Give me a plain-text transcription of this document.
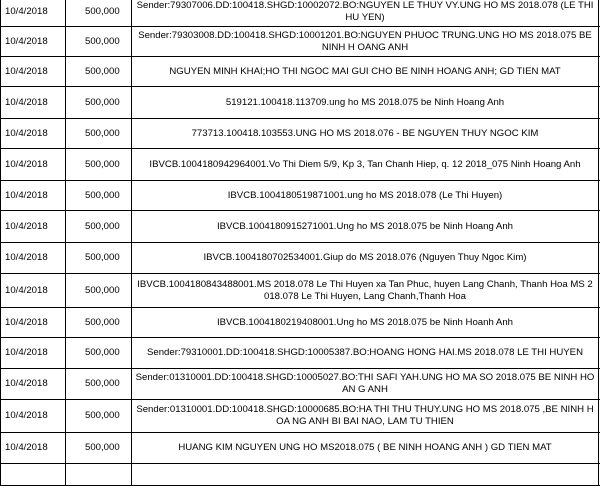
10/4/2018	500,000	Sender:79307006.DD:100418.SHGD:10002072.BO:NGUYEN LE THUY VY.UNG HO MS 2018.078 (LE THI HU YEN)	
10/4/2018	500,000	Sender:79303008.DD:100418.SHGD:10001201.BO:NGUYEN PHUOC TRUNG.UNG HO MS 2018.075 BE NINH H OANG ANH	
10/4/2018	500,000	NGUYEN MINH KHAI;HO THI NGOC MAI GUI CHO BE NINH HOANG ANH; GD TIEN MAT	
10/4/2018	500,000	519121.100418.113709.ung ho MS 2018.075 be Ninh Hoang Anh	
10/4/2018	500,000	773713.100418.103553.UNG HO MS 2018.076 - BE NGUYEN THUY NGOC KIM	
10/4/2018	500,000	IBVCB.1004180942964001.Vo Thi Diem 5/9, Kp 3, Tan Chanh Hiep, q. 12 2018_075 Ninh Hoang Anh	
10/4/2018	500,000	IBVCB.1004180519871001.ung ho MS 2018.078 (Le Thi Huyen)	
10/4/2018	500,000	IBVCB.1004180915271001.Ung ho MS 2018.075 be Ninh Hoang Anh	
10/4/2018	500,000	IBVCB.1004180702534001.Giup do MS 2018.076 (Nguyen Thuy Ngoc Kim)	
10/4/2018	500,000	IBVCB.1004180843488001.MS 2018.078 Le Thi Huyen xa Tan Phuc, huyen Lang Chanh, Thanh Hoa MS 2018.078 Le Thi Huyen, Lang Chanh,Thanh Hoa	
10/4/2018	500,000	IBVCB.1004180219408001.Ung ho MS 2018.075 be Ninh Hoanh Anh	
10/4/2018	500,000	Sender:79310001.DD:100418.SHGD:10005387.BO:HOANG HONG HAI.MS 2018.078 LE THI HUYEN	
10/4/2018	500,000	Sender:01310001.DD:100418.SHGD:10005027.BO:THI SAFI YAH.UNG HO MA SO 2018.075 BE NINH HOAN G ANH	
10/4/2018	500,000	Sender:01310001.DD:100418.SHGD:10000685.BO:HA THI THU THUY.UNG HO MS 2018.075 ,BE NINH HOA NG ANH BI BAI NAO, LAM TU THIEN	
10/4/2018	500,000	HUANG KIM NGUYEN UNG HO MS2018.075 ( BE NINH HOANG ANH ) GD TIEN MAT	
